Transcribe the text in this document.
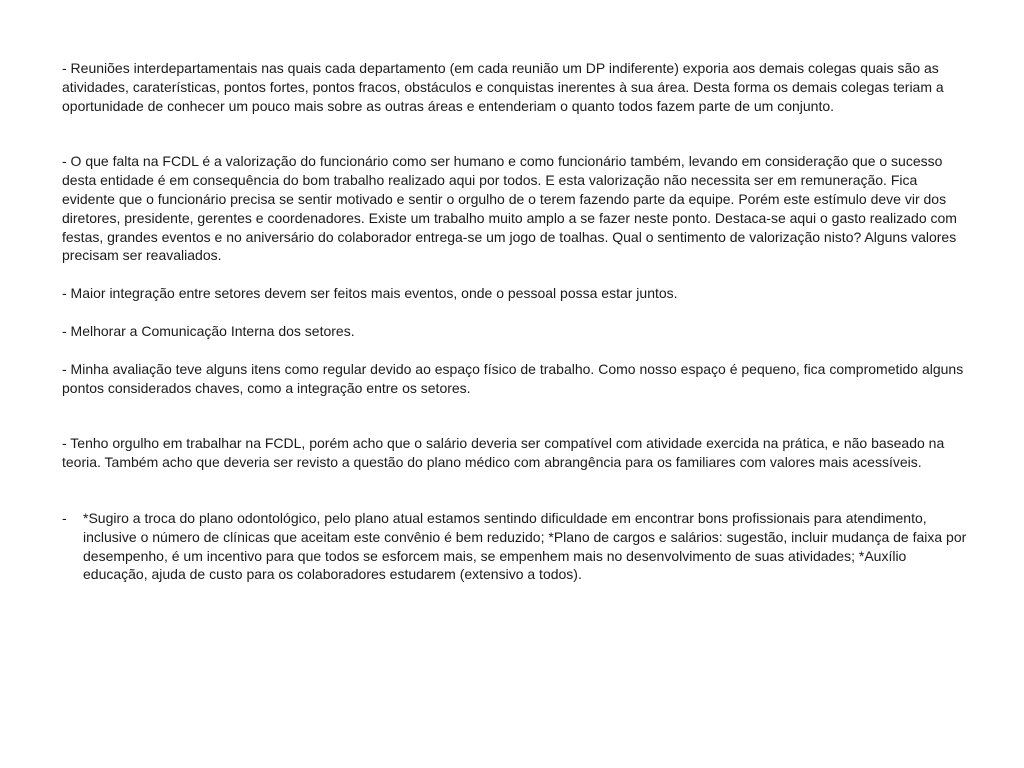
- Reuniões interdepartamentais nas quais cada departamento (em cada reunião um DP indiferente) exporia aos demais colegas quais são as atividades, caraterísticas, pontos fortes, pontos fracos, obstáculos e conquistas inerentes à sua área. Desta forma os demais colegas teriam a oportunidade de conhecer um pouco mais sobre as outras áreas e entenderiam o quanto todos fazem parte de um conjunto.

- O que falta na FCDL é a valorização do funcionário como ser humano e como funcionário também, levando em consideração que o sucesso desta entidade é em consequência do bom trabalho realizado aqui por todos. E esta valorização não necessita ser em remuneração. Fica evidente que o funcionário precisa se sentir motivado e sentir o orgulho de o terem fazendo parte da equipe. Porém este estímulo deve vir dos diretores, presidente, gerentes e coordenadores. Existe um trabalho muito amplo a se fazer neste ponto. Destaca-se aqui o gasto realizado com festas, grandes eventos e no aniversário do colaborador entrega-se um jogo de toalhas. Qual o sentimento de valorização nisto? Alguns valores precisam ser reavaliados.

- Maior integração entre setores devem ser feitos mais eventos, onde o pessoal possa estar juntos.

- Melhorar a Comunicação Interna dos setores.

- Minha avaliação teve alguns itens como regular devido ao espaço físico de trabalho. Como nosso espaço é pequeno, fica comprometido alguns pontos considerados chaves, como a integração entre os setores.

- Tenho orgulho em trabalhar na FCDL, porém acho que o salário deveria ser compatível com atividade exercida na prática, e não baseado na teoria. Também acho que deveria ser revisto a questão do plano médico com abrangência para os familiares com valores mais acessíveis.

-	*Sugiro a troca do plano odontológico, pelo plano atual estamos sentindo dificuldade em encontrar bons profissionais para atendimento, inclusive o número de clínicas que aceitam este convênio é bem reduzido; *Plano de cargos e salários: sugestão, incluir mudança de faixa por desempenho, é um incentivo para que todos se esforcem mais, se empenhem mais no desenvolvimento de suas atividades; *Auxílio educação, ajuda de custo para os colaboradores estudarem (extensivo a todos).
